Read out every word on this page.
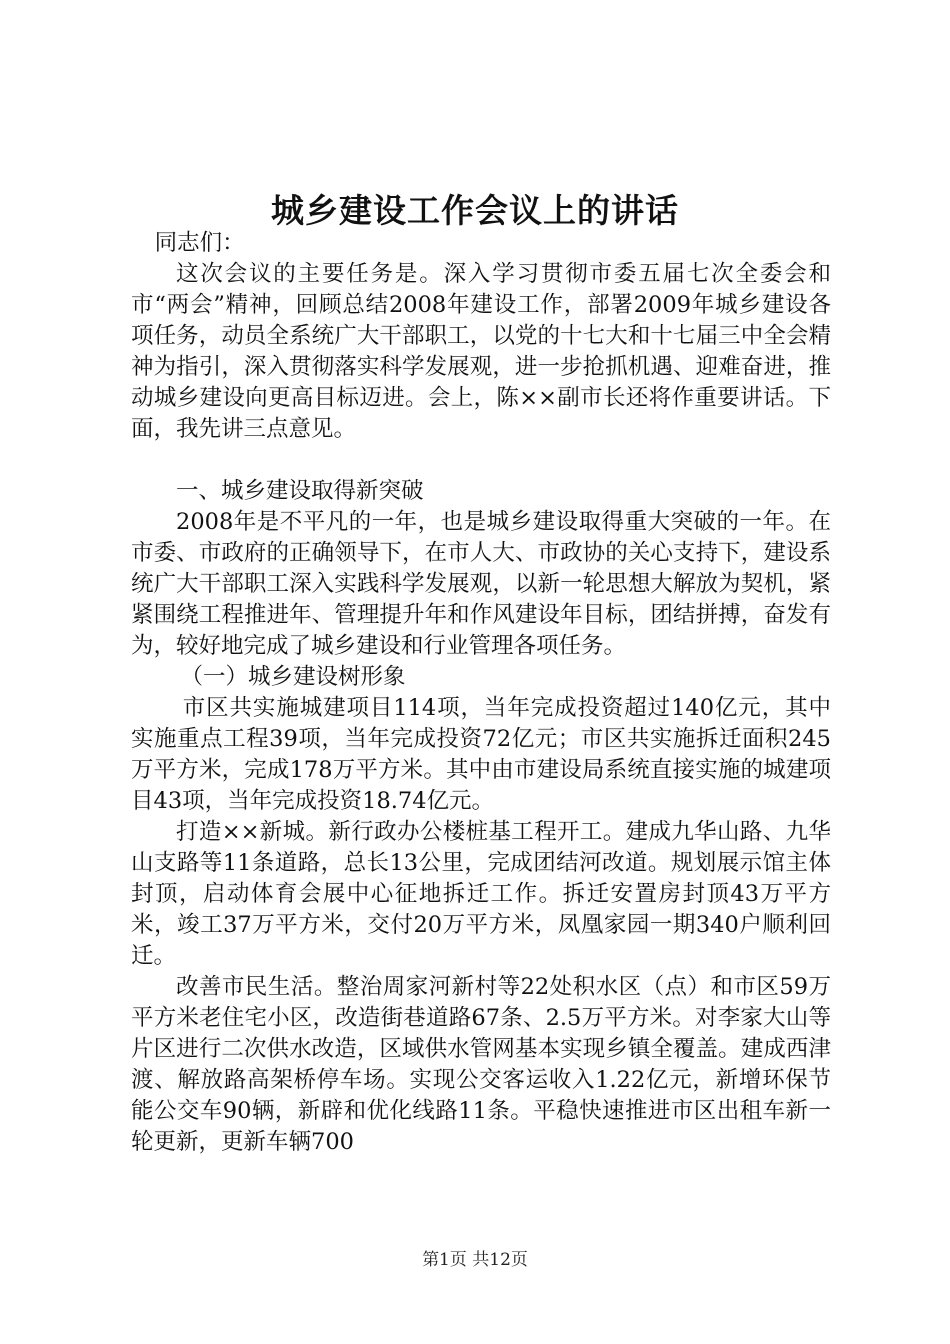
城乡建设工作会议上的讲话

同志们：

这次会议的主要任务是。深入学习贯彻市委五届七次全委会和市“两会”精神，回顾总结2008年建设工作，部署2009年城乡建设各项任务，动员全系统广大干部职工，以党的十七大和十七届三中全会精神为指引，深入贯彻落实科学发展观，进一步抢抓机遇、迎难奋进，推动城乡建设向更高目标迈进。会上，陈××副市长还将作重要讲话。下面，我先讲三点意见。

一、城乡建设取得新突破

2008年是不平凡的一年，也是城乡建设取得重大突破的一年。在市委、市政府的正确领导下，在市人大、市政协的关心支持下，建设系统广大干部职工深入实践科学发展观，以新一轮思想大解放为契机，紧紧围绕工程推进年、管理提升年和作风建设年目标，团结拼搏，奋发有为，较好地完成了城乡建设和行业管理各项任务。

（一）城乡建设树形象

市区共实施城建项目114项，当年完成投资超过140亿元，其中实施重点工程39项，当年完成投资72亿元；市区共实施拆迁面积245万平方米，完成178万平方米。其中由市建设局系统直接实施的城建项目43项，当年完成投资18.74亿元。

打造××新城。新行政办公楼桩基工程开工。建成九华山路、九华山支路等11条道路，总长13公里，完成团结河改道。规划展示馆主体封顶，启动体育会展中心征地拆迁工作。拆迁安置房封顶43万平方米，竣工37万平方米，交付20万平方米，凤凰家园一期340户顺利回迁。

改善市民生活。整治周家河新村等22处积水区（点）和市区59万平方米老住宅小区，改造街巷道路67条、2.5万平方米。对李家大山等片区进行二次供水改造，区域供水管网基本实现乡镇全覆盖。建成西津渡、解放路高架桥停车场。实现公交客运收入1.22亿元，新增环保节能公交车90辆，新辟和优化线路11条。平稳快速推进市区出租车新一轮更新，更新车辆700

第1页 共12页
